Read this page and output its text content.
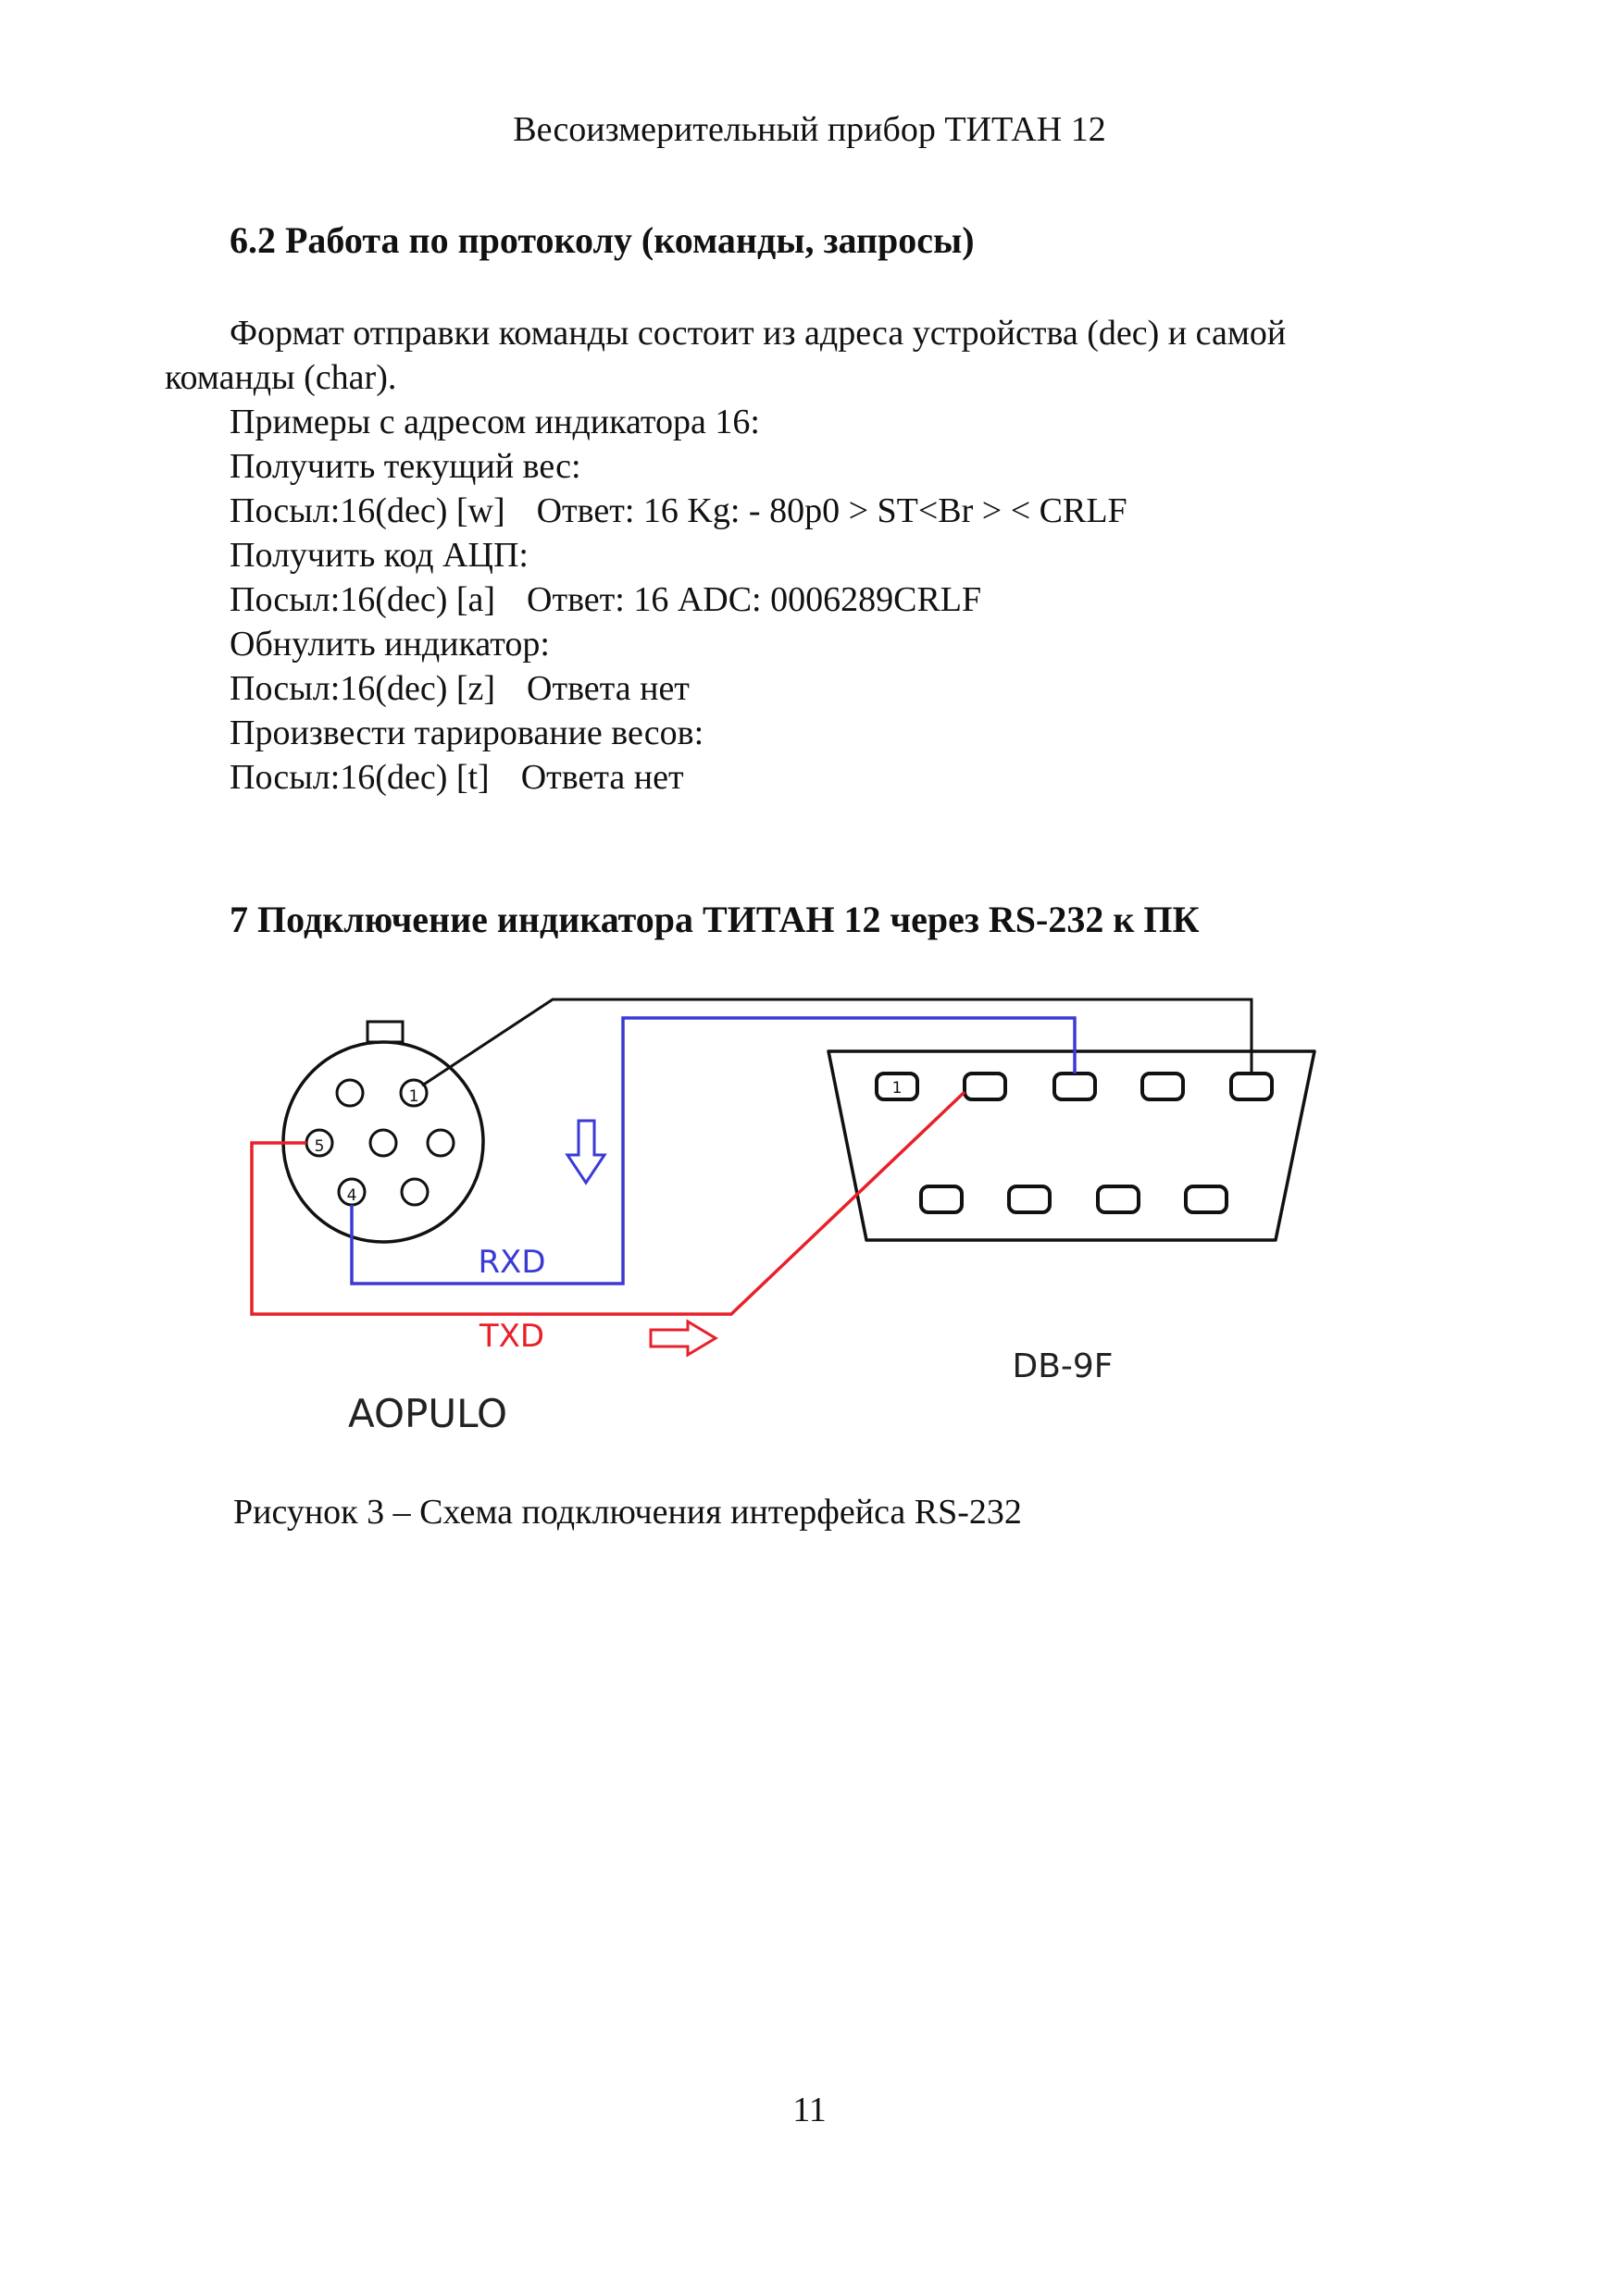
Весоизмерительный прибор ТИТАН 12
6.2 Работа по протоколу (команды, запросы)
Формат отправки команды состоит из адреса устройства (dec) и самой
команды (char).
Примеры с адресом индикатора 16:
Получить текущий вес:
Посыл:16(dec) [w] Ответ: 16 Kg: - 80p0 > ST<Br > < CRLF
Получить код АЦП:
Посыл:16(dec) [a] Ответ: 16 ADC: 0006289CRLF
Обнулить индикатор:
Посыл:16(dec) [z] Ответа нет
Произвести тарирование весов:
Посыл:16(dec) [t] Ответа нет
7 Подключение индикатора ТИТАН 12 через RS-232 к ПК
1
5
4
1
RXD
TXD
DB-9F
AOPULO
Рисунок 3 – Схема подключения интерфейса RS-232
11
